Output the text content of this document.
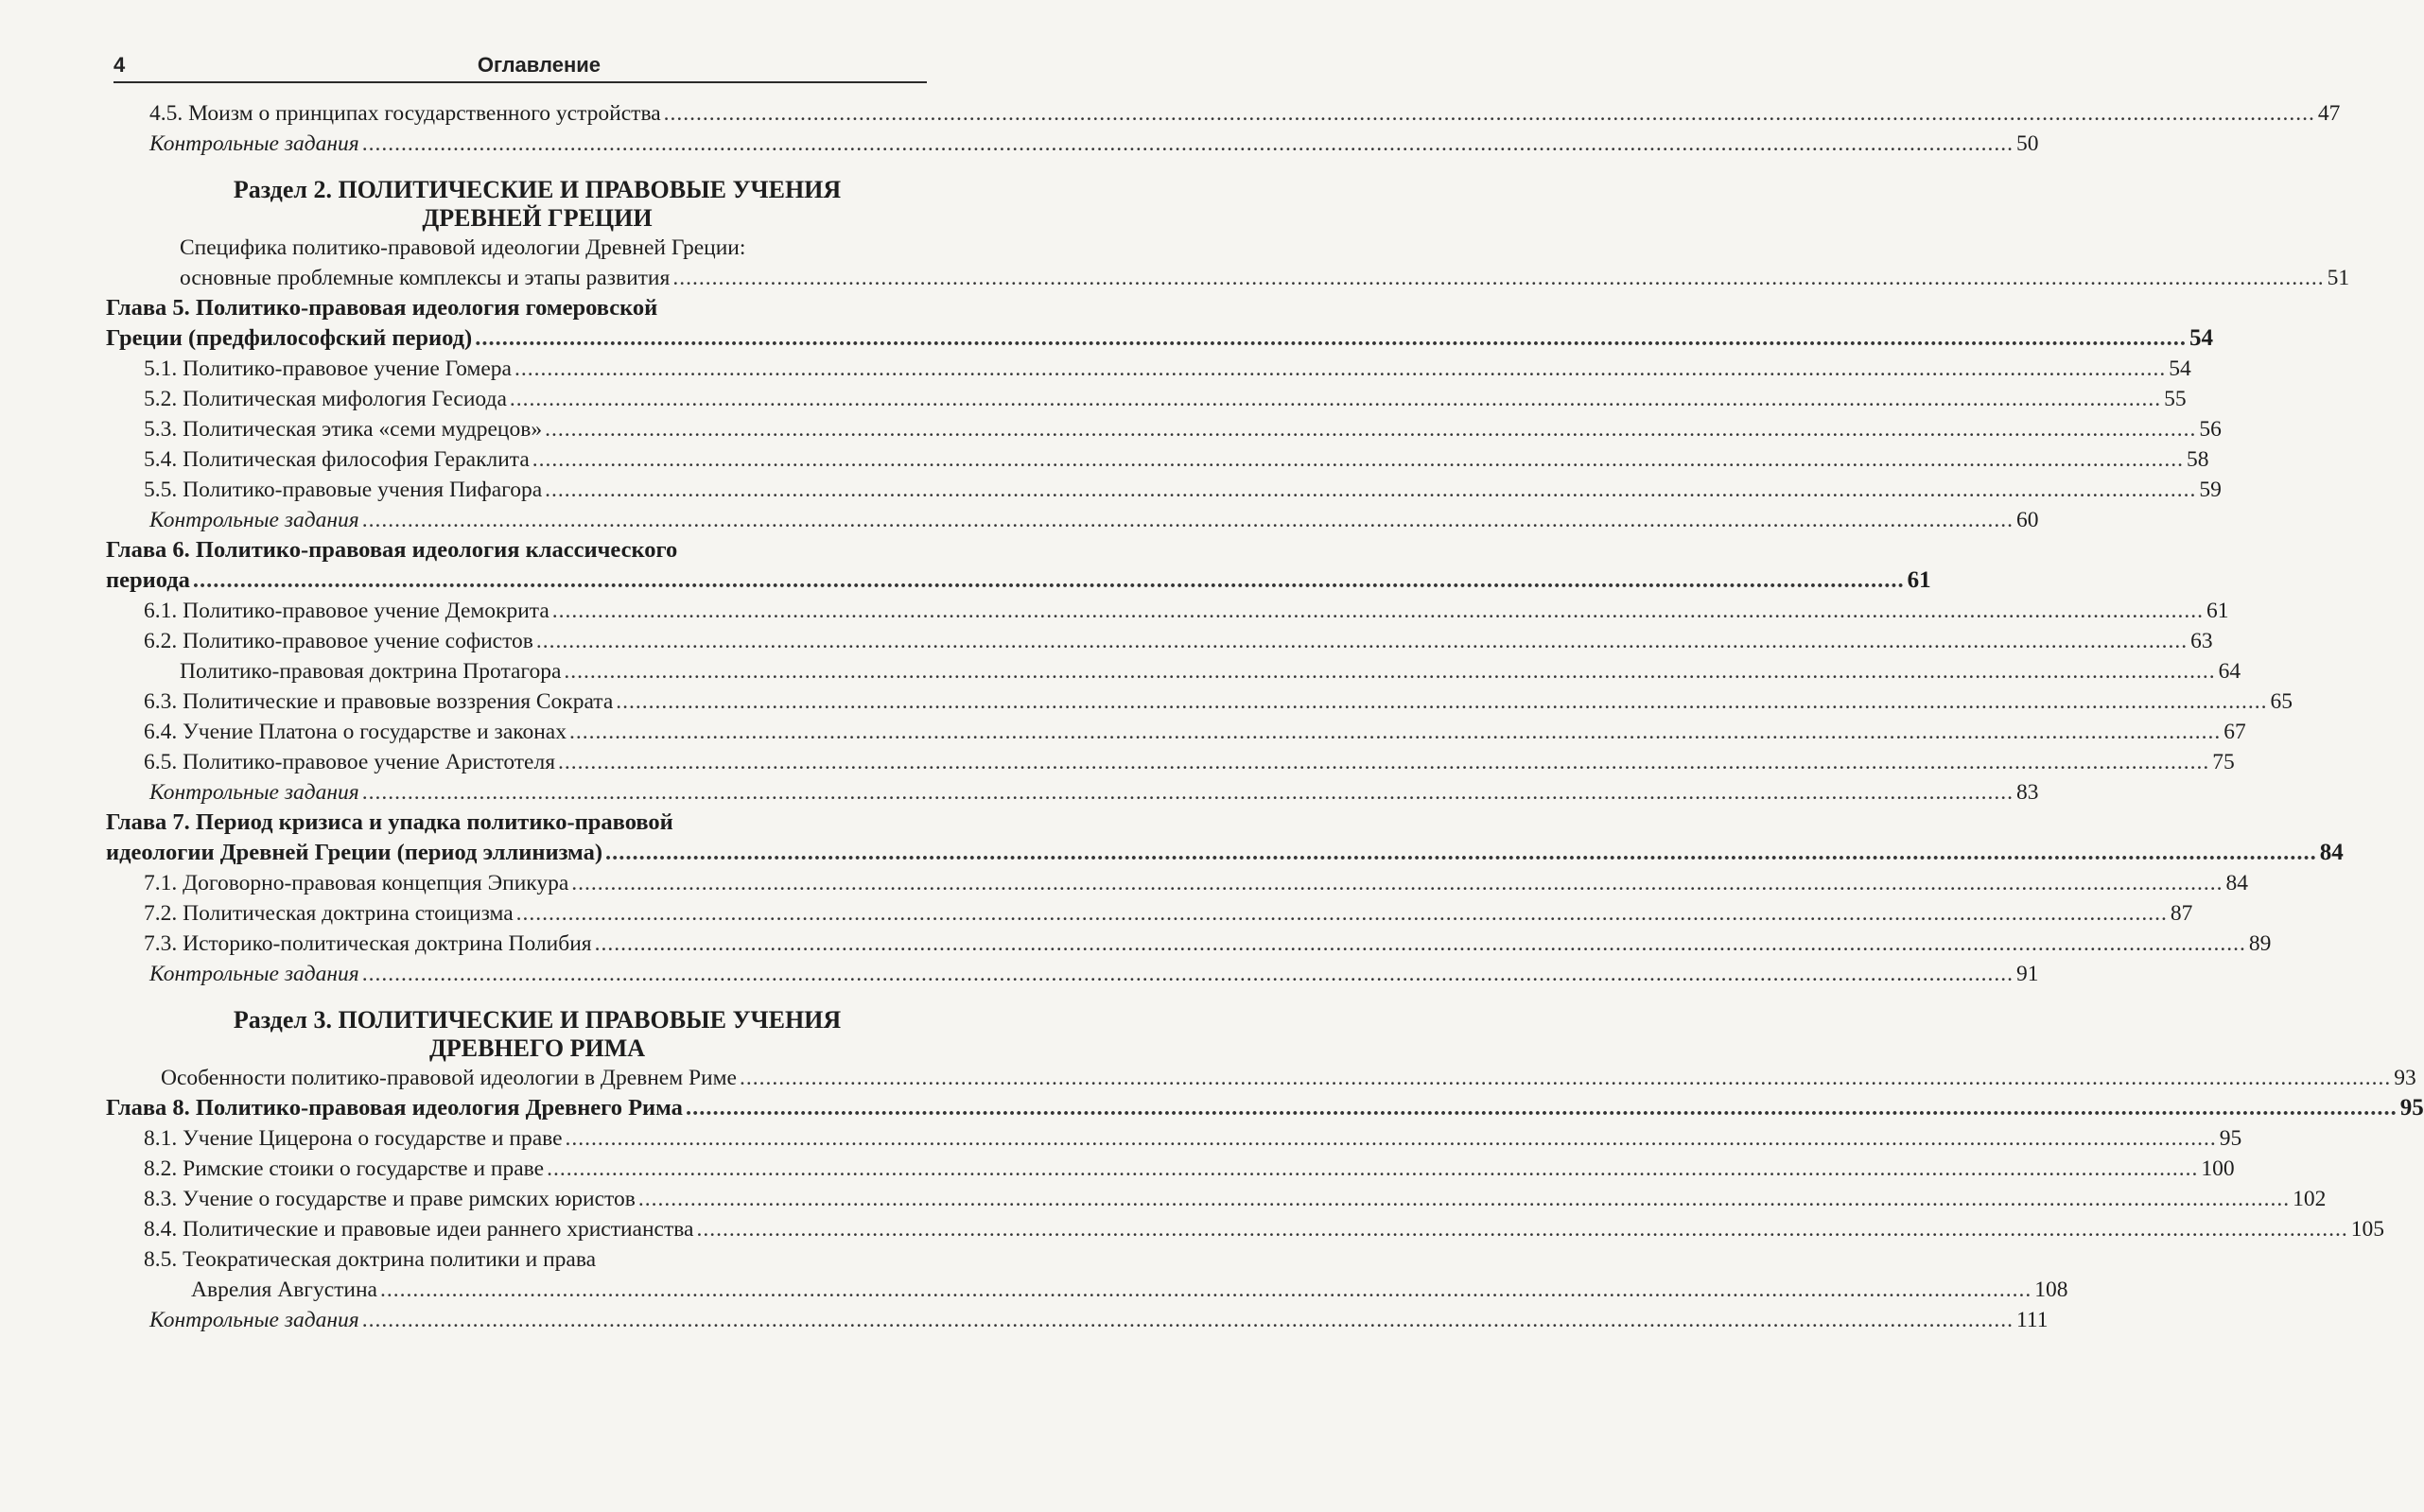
4	Оглавление
4.5. Моизм о принципах государственного устройства .....	47
Контрольные задания .....	50
Раздел 2. ПОЛИТИЧЕСКИЕ И ПРАВОВЫЕ УЧЕНИЯ
ДРЕВНЕЙ ГРЕЦИИ
Специфика политико-правовой идеологии Древней Греции:
основные проблемные комплексы и этапы развития .....	51
Глава 5. Политико-правовая идеология гомеровской
Греции (предфилософский период) .....	54
5.1. Политико-правовое учение Гомера .....	54
5.2. Политическая мифология Гесиода .....	55
5.3. Политическая этика «семи мудрецов» .....	56
5.4. Политическая философия Гераклита .....	58
5.5. Политико-правовые учения Пифагора .....	59
Контрольные задания .....	60
Глава 6. Политико-правовая идеология классического
периода .....	61
6.1. Политико-правовое учение Демокрита .....	61
6.2. Политико-правовое учение софистов .....	63
Политико-правовая доктрина Протагора .....	64
6.3. Политические и правовые воззрения Сократа .....	65
6.4. Учение Платона о государстве и законах .....	67
6.5. Политико-правовое учение Аристотеля .....	75
Контрольные задания .....	83
Глава 7. Период кризиса и упадка политико-правовой
идеологии Древней Греции (период эллинизма) .....	84
7.1. Договорно-правовая концепция Эпикура .....	84
7.2. Политическая доктрина стоицизма .....	87
7.3. Историко-политическая доктрина Полибия .....	89
Контрольные задания .....	91
Раздел 3. ПОЛИТИЧЕСКИЕ И ПРАВОВЫЕ УЧЕНИЯ
ДРЕВНЕГО РИМА
Особенности политико-правовой идеологии в Древнем Риме .....	93
Глава 8. Политико-правовая идеология Древнего Рима .....	95
8.1. Учение Цицерона о государстве и праве .....	95
8.2. Римские стоики о государстве и праве .....	100
8.3. Учение о государстве и праве римских юристов .....	102
8.4. Политические и правовые идеи раннего христианства .....	105
8.5. Теократическая доктрина политики и права
Аврелия Августина .....	108
Контрольные задания .....	111
